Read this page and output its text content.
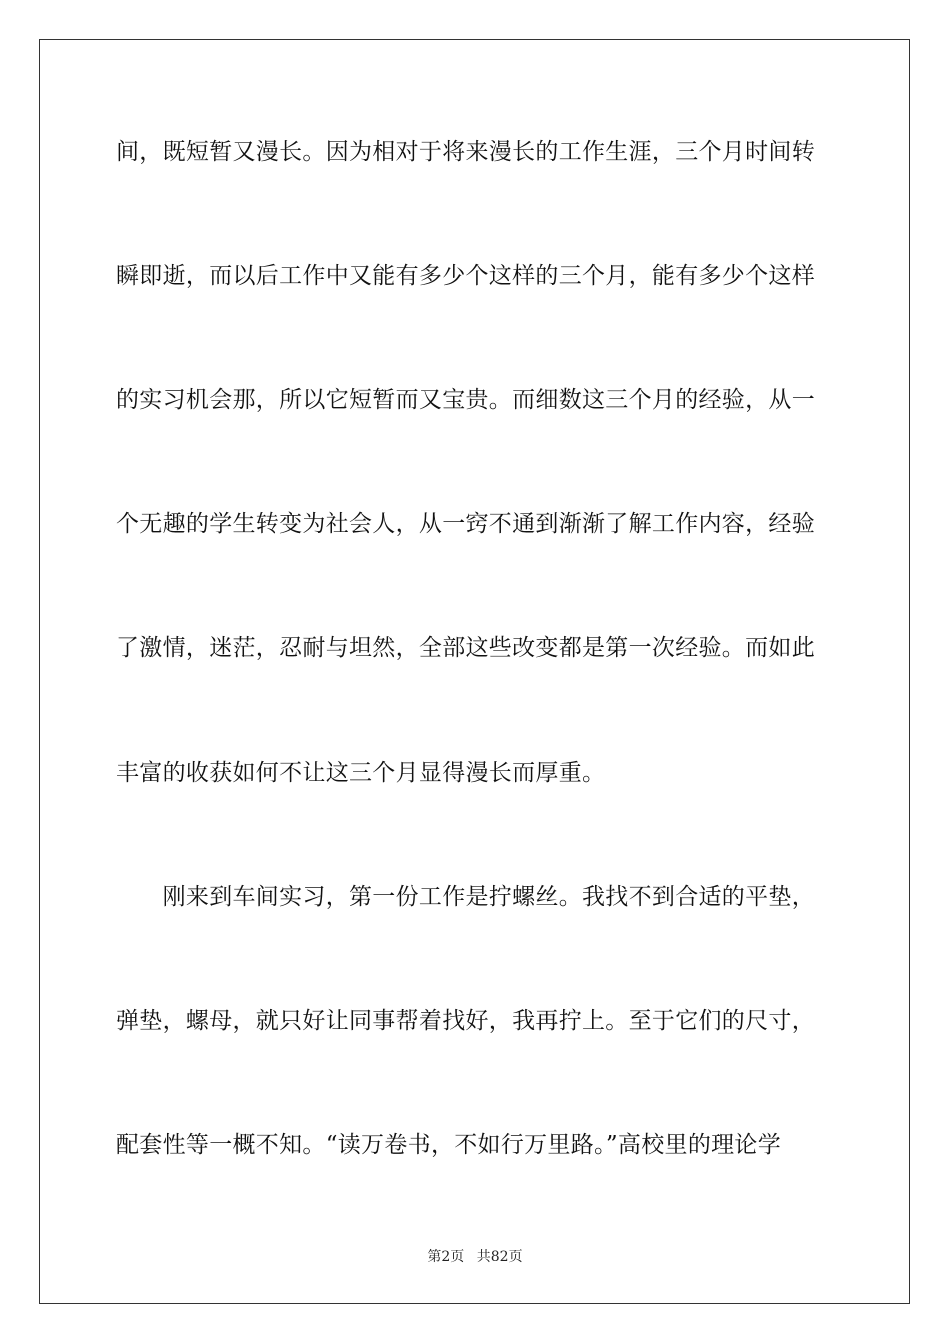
间，既短暂又漫长。因为相对于将来漫长的工作生涯，三个月时间转
瞬即逝，而以后工作中又能有多少个这样的三个月，能有多少个这样
的实习机会那，所以它短暂而又宝贵。而细数这三个月的经验，从一
个无趣的学生转变为社会人，从一窍不通到渐渐了解工作内容，经验
了激情，迷茫，忍耐与坦然，全部这些改变都是第一次经验。而如此
丰富的收获如何不让这三个月显得漫长而厚重。
　　刚来到车间实习，第一份工作是拧螺丝。我找不到合适的平垫，
弹垫，螺母，就只好让同事帮着找好，我再拧上。至于它们的尺寸，
配套性等一概不知。“读万卷书，不如行万里路。”高校里的理论学
第2页 共82页
